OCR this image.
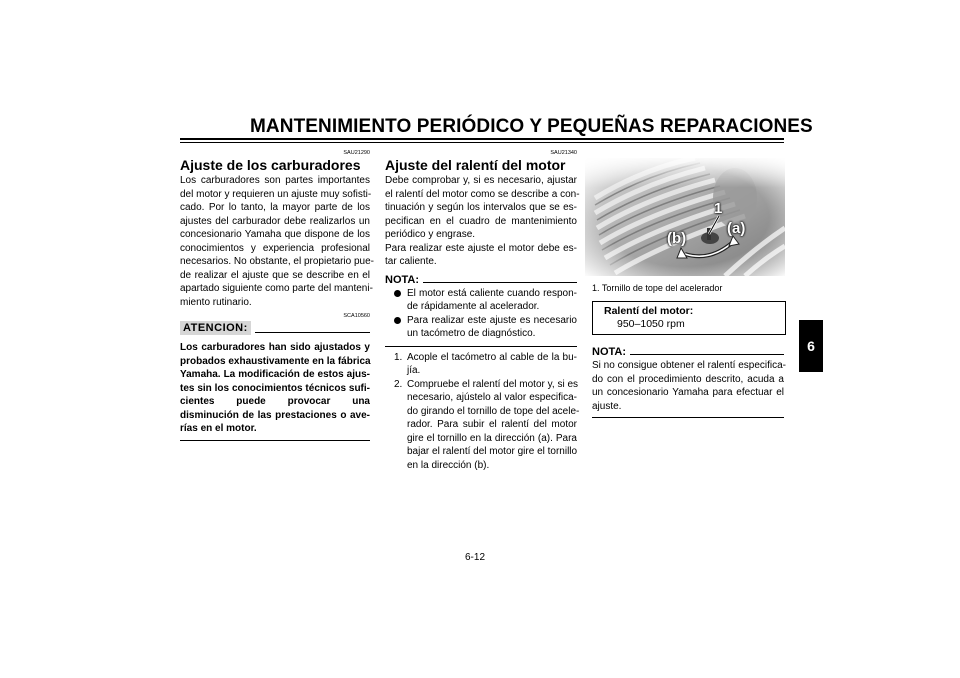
MANTENIMIENTO PERIÓDICO Y PEQUEÑAS REPARACIONES
6
SAU21290
Ajuste de los carburadores
Los carburadores son partes importantes
del motor y requieren un ajuste muy sofisti-
cado. Por lo tanto, la mayor parte de los
ajustes del carburador debe realizarlos un
concesionario Yamaha que dispone de los
conocimientos y experiencia profesional
necesarios. No obstante, el propietario pue-
de realizar el ajuste que se describe en el
apartado siguiente como parte del manteni-
miento rutinario.
SCA10560
ATENCION:
Los carburadores han sido ajustados y
probados exhaustivamente en la fábrica
Yamaha. La modificación de estos ajus-
tes sin los conocimientos técnicos sufi-
cientes puede provocar una
disminución de las prestaciones o ave-
rías en el motor.
SAU21340
Ajuste del ralentí del motor
Debe comprobar y, si es necesario, ajustar
el ralentí del motor como se describe a con-
tinuación y según los intervalos que se es-
pecifican en el cuadro de mantenimiento
periódico y engrase.
Para realizar este ajuste el motor debe es-
tar caliente.
NOTA:
El motor está caliente cuando respon-
de rápidamente al acelerador.
Para realizar este ajuste es necesario
un tacómetro de diagnóstico.
1. Acople el tacómetro al cable de la bu-
jía.
2. Compruebe el ralentí del motor y, si es
necesario, ajústelo al valor especifica-
do girando el tornillo de tope del acele-
rador. Para subir el ralentí del motor
gire el tornillo en la dirección (a). Para
bajar el ralentí del motor gire el tornillo
en la dirección (b).
1
(a)
(b)
1. Tornillo de tope del acelerador
Ralentí del motor:
950–1050 rpm
NOTA:
Si no consigue obtener el ralentí especifica-
do con el procedimiento descrito, acuda a
un concesionario Yamaha para efectuar el
ajuste.
6-12
